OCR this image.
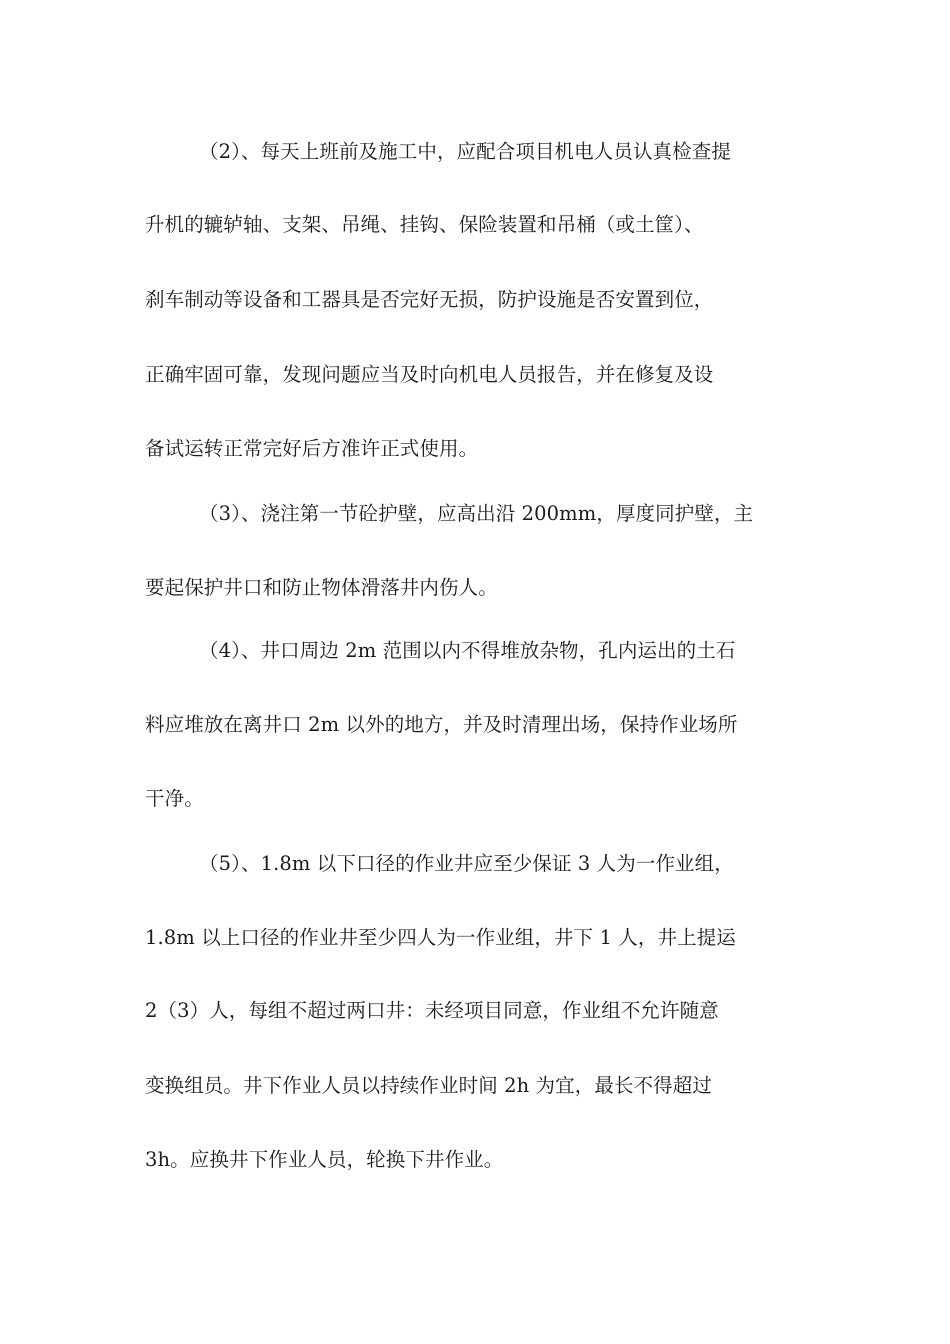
（2）、每天上班前及施工中，应配合项目机电人员认真检查提
升机的辘轳轴、支架、吊绳、挂钩、保险装置和吊桶（或土筐）、
刹车制动等设备和工器具是否完好无损，防护设施是否安置到位，
正确牢固可靠，发现问题应当及时向机电人员报告，并在修复及设
备试运转正常完好后方准许正式使用。
（3）、浇注第一节砼护壁，应高出沿 200mm，厚度同护壁，主
要起保护井口和防止物体滑落井内伤人。
（4）、井口周边 2m 范围以内不得堆放杂物，孔内运出的土石
料应堆放在离井口 2m 以外的地方，并及时清理出场，保持作业场所
干净。
（5）、1.8m 以下口径的作业井应至少保证 3 人为一作业组，
1.8m 以上口径的作业井至少四人为一作业组，井下 1 人，井上提运
2（3）人，每组不超过两口井：未经项目同意，作业组不允许随意
变换组员。井下作业人员以持续作业时间 2h 为宜，最长不得超过
3h。应换井下作业人员，轮换下井作业。
